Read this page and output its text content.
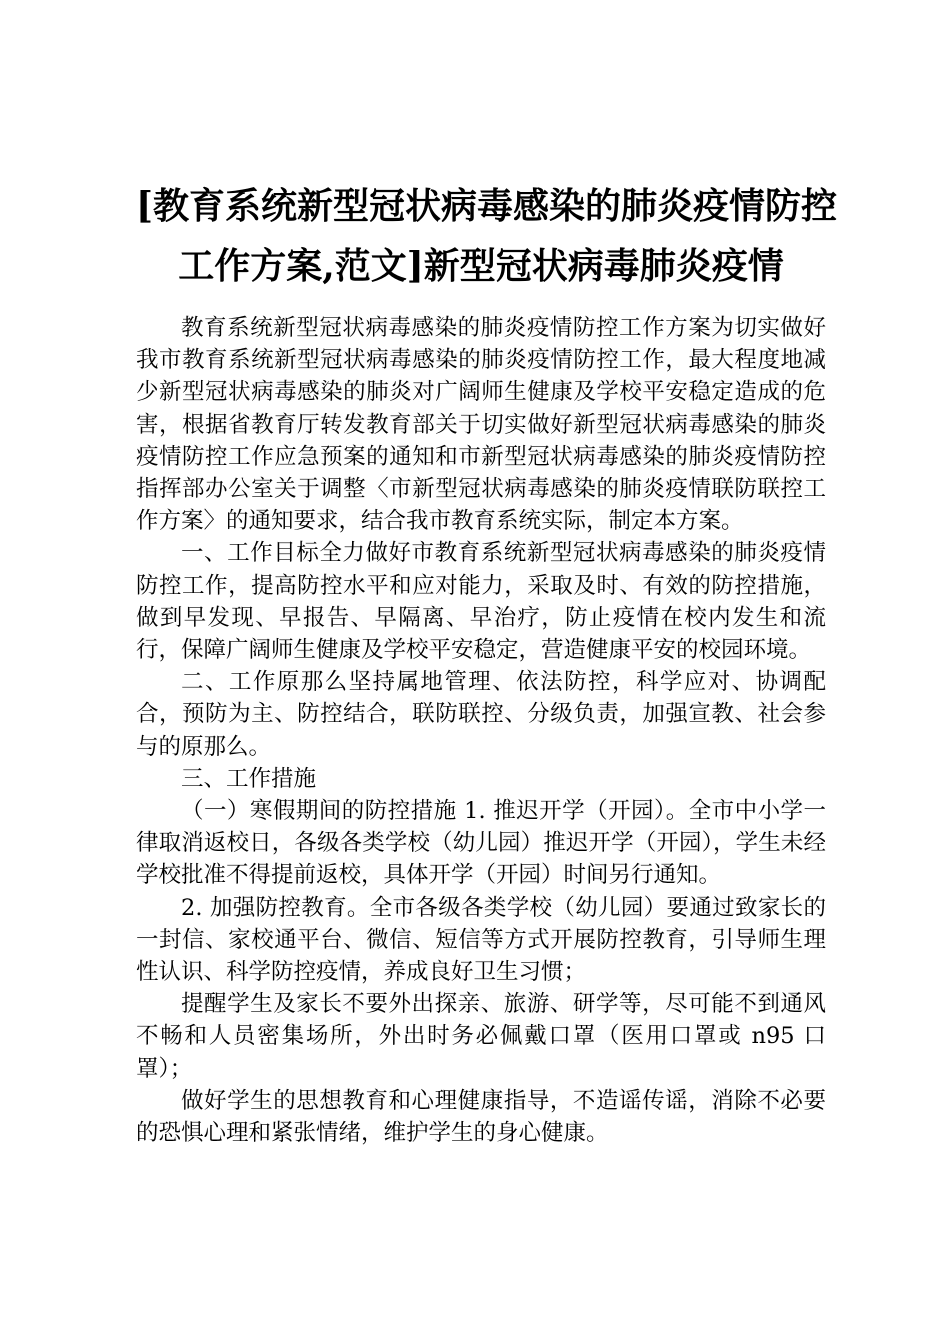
[教育系统新型冠状病毒感染的肺炎疫情防控
工作方案,范文]新型冠状病毒肺炎疫情

教育系统新型冠状病毒感染的肺炎疫情防控工作方案为切实做好我市教育系统新型冠状病毒感染的肺炎疫情防控工作，最大程度地减少新型冠状病毒感染的肺炎对广阔师生健康及学校平安稳定造成的危害，根据省教育厅转发教育部关于切实做好新型冠状病毒感染的肺炎疫情防控工作应急预案的通知和市新型冠状病毒感染的肺炎疫情防控指挥部办公室关于调整〈市新型冠状病毒感染的肺炎疫情联防联控工作方案〉的通知要求，结合我市教育系统实际，制定本方案。

一、工作目标全力做好市教育系统新型冠状病毒感染的肺炎疫情防控工作，提高防控水平和应对能力，采取及时、有效的防控措施，做到早发现、早报告、早隔离、早治疗，防止疫情在校内发生和流行，保障广阔师生健康及学校平安稳定，营造健康平安的校园环境。

二、工作原那么坚持属地管理、依法防控，科学应对、协调配合，预防为主、防控结合，联防联控、分级负责，加强宣教、社会参与的原那么。

三、工作措施

（一）寒假期间的防控措施 1. 推迟开学（开园）。全市中小学一律取消返校日，各级各类学校（幼儿园）推迟开学（开园），学生未经学校批准不得提前返校，具体开学（开园）时间另行通知。

2. 加强防控教育。全市各级各类学校（幼儿园）要通过致家长的一封信、家校通平台、微信、短信等方式开展防控教育，引导师生理性认识、科学防控疫情，养成良好卫生习惯；

提醒学生及家长不要外出探亲、旅游、研学等，尽可能不到通风不畅和人员密集场所，外出时务必佩戴口罩（医用口罩或 n95 口罩）；

做好学生的思想教育和心理健康指导，不造谣传谣，消除不必要的恐惧心理和紧张情绪，维护学生的身心健康。
